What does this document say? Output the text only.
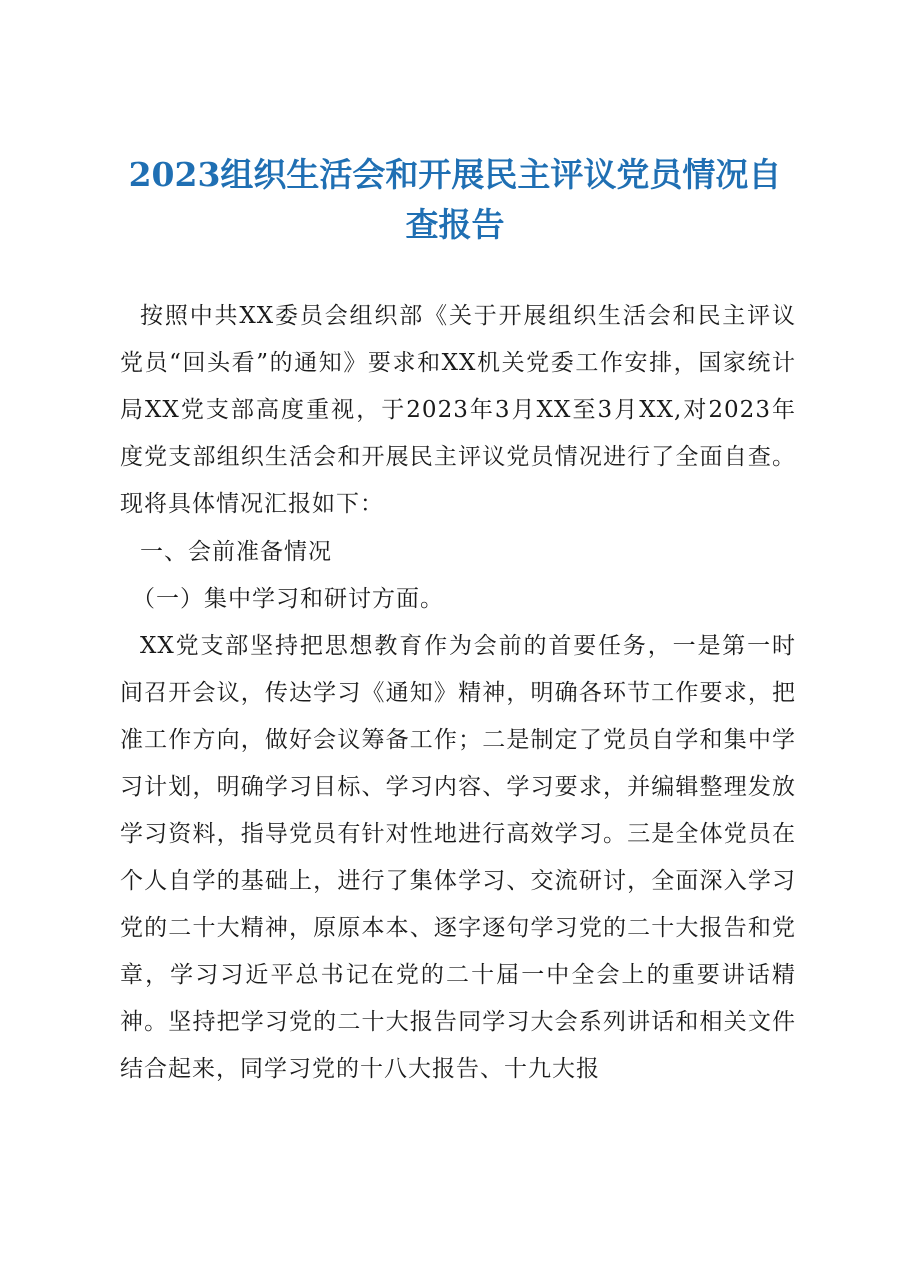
2023组织生活会和开展民主评议党员情况自查报告

按照中共XX委员会组织部《关于开展组织生活会和民主评议党员“回头看”的通知》要求和XX机关党委工作安排，国家统计局XX党支部高度重视，于2023年3月XX至3月XX,对2023年度党支部组织生活会和开展民主评议党员情况进行了全面自查。现将具体情况汇报如下：

一、会前准备情况

（一）集中学习和研讨方面。

XX党支部坚持把思想教育作为会前的首要任务，一是第一时间召开会议，传达学习《通知》精神，明确各环节工作要求，把准工作方向，做好会议筹备工作；二是制定了党员自学和集中学习计划，明确学习目标、学习内容、学习要求，并编辑整理发放学习资料，指导党员有针对性地进行高效学习。三是全体党员在个人自学的基础上，进行了集体学习、交流研讨，全面深入学习党的二十大精神，原原本本、逐字逐句学习党的二十大报告和党章，学习习近平总书记在党的二十届一中全会上的重要讲话精神。坚持把学习党的二十大报告同学习大会系列讲话和相关文件结合起来，同学习党的十八大报告、十九大报
